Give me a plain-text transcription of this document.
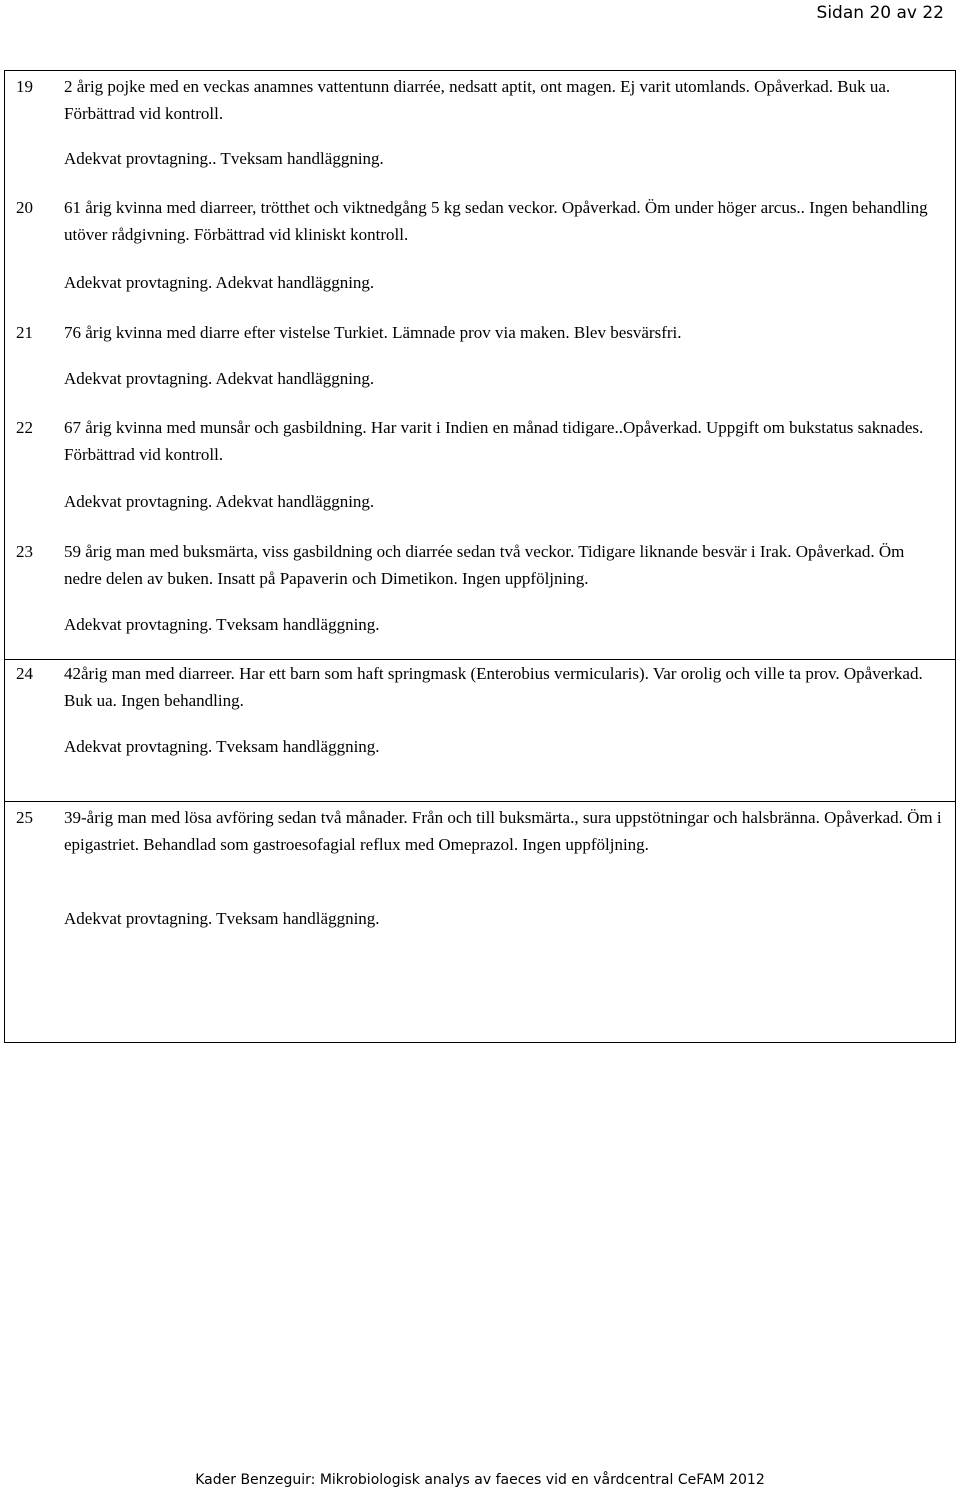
Sidan 20 av 22
19 2 årig pojke med en veckas anamnes vattentunn diarrée, nedsatt aptit, ont magen. Ej varit utomlands. Opåverkad. Buk ua. Förbättrad vid kontroll.
Adekvat provtagning.. Tveksam handläggning.
20 61 årig kvinna med diarreer, trötthet och viktnedgång 5 kg sedan veckor. Opåverkad. Öm under höger arcus.. Ingen behandling utöver rådgivning. Förbättrad vid kliniskt kontroll.
Adekvat provtagning. Adekvat handläggning.
21 76 årig kvinna med diarre efter vistelse Turkiet. Lämnade prov via maken. Blev besvärsfri.
Adekvat provtagning. Adekvat handläggning.
22 67 årig kvinna med munsår och gasbildning. Har varit i Indien en månad tidigare..Opåverkad. Uppgift om bukstatus saknades. Förbättrad vid kontroll.
Adekvat provtagning. Adekvat handläggning.
23 59 årig man med buksmärta, viss gasbildning och diarrée sedan två veckor. Tidigare liknande besvär i Irak. Opåverkad. Öm nedre delen av buken. Insatt på Papaverin och Dimetikon. Ingen uppföljning.
Adekvat provtagning. Tveksam handläggning.
24 42årig man med diarreer. Har ett barn som haft springmask (Enterobius vermicularis). Var orolig och ville ta prov. Opåverkad. Buk ua. Ingen behandling.
Adekvat provtagning. Tveksam handläggning.
25 39-årig man med lösa avföring sedan två månader. Från och till buksmärta., sura uppstötningar och halsbränna. Opåverkad. Öm i epigastriet. Behandlad som gastroesofagial reflux med Omeprazol. Ingen uppföljning.
Adekvat provtagning. Tveksam handläggning.
Kader Benzeguir: Mikrobiologisk analys av faeces vid en vårdcentral CeFAM 2012
